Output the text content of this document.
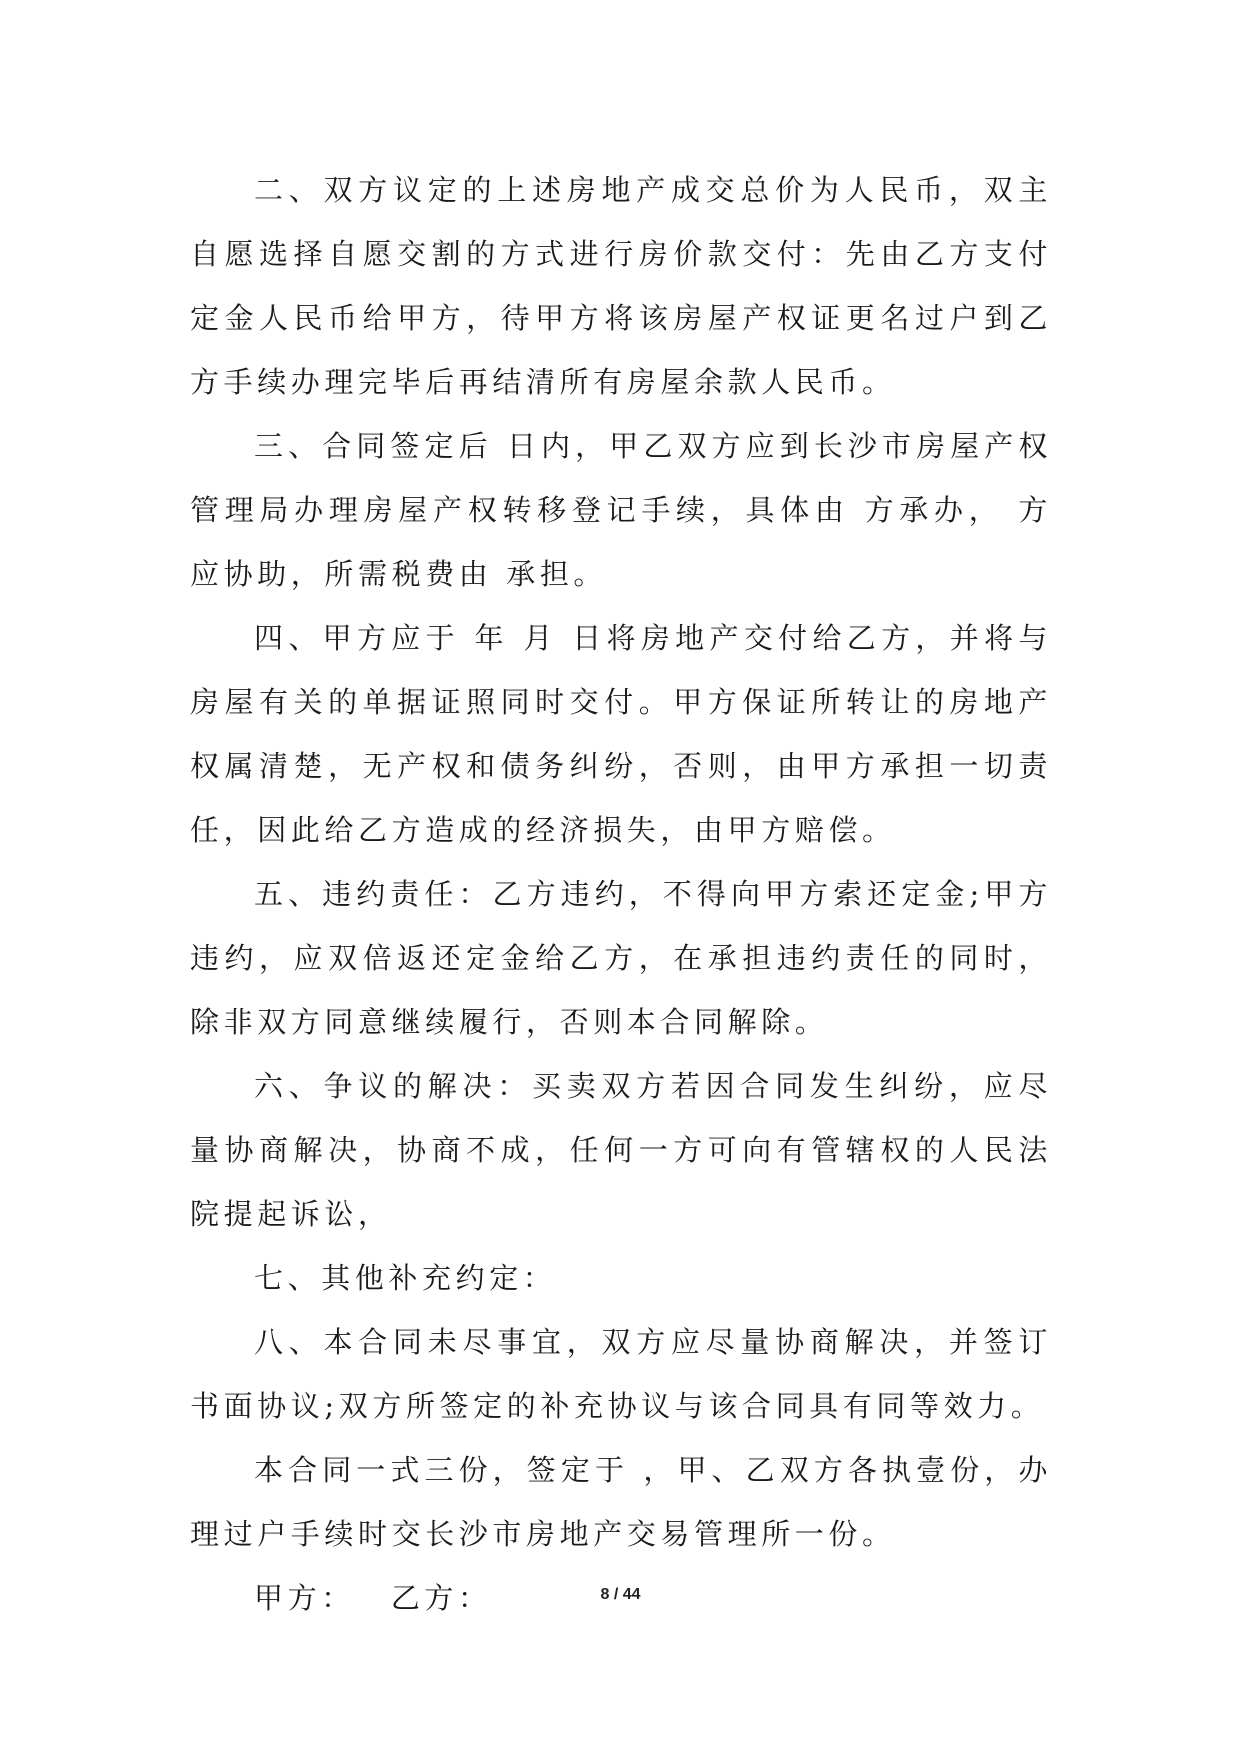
二、双方议定的上述房地产成交总价为人民币，双主自愿选择自愿交割的方式进行房价款交付：先由乙方支付定金人民币给甲方，待甲方将该房屋产权证更名过户到乙方手续办理完毕后再结清所有房屋余款人民币。

三、合同签定后 日内，甲乙双方应到长沙市房屋产权管理局办理房屋产权转移登记手续，具体由 方承办， 方应协助，所需税费由 承担。

四、甲方应于 年 月 日将房地产交付给乙方，并将与房屋有关的单据证照同时交付。甲方保证所转让的房地产权属清楚，无产权和债务纠纷，否则，由甲方承担一切责任，因此给乙方造成的经济损失，由甲方赔偿。

五、违约责任：乙方违约，不得向甲方索还定金;甲方违约，应双倍返还定金给乙方，在承担违约责任的同时，除非双方同意继续履行，否则本合同解除。

六、争议的解决：买卖双方若因合同发生纠纷，应尽量协商解决，协商不成，任何一方可向有管辖权的人民法院提起诉讼，

七、其他补充约定：

八、本合同未尽事宜，双方应尽量协商解决，并签订书面协议;双方所签定的补充协议与该合同具有同等效力。

本合同一式三份，签定于 ，甲、乙双方各执壹份，办理过户手续时交长沙市房地产交易管理所一份。

甲方： 乙方：	8 / 44
